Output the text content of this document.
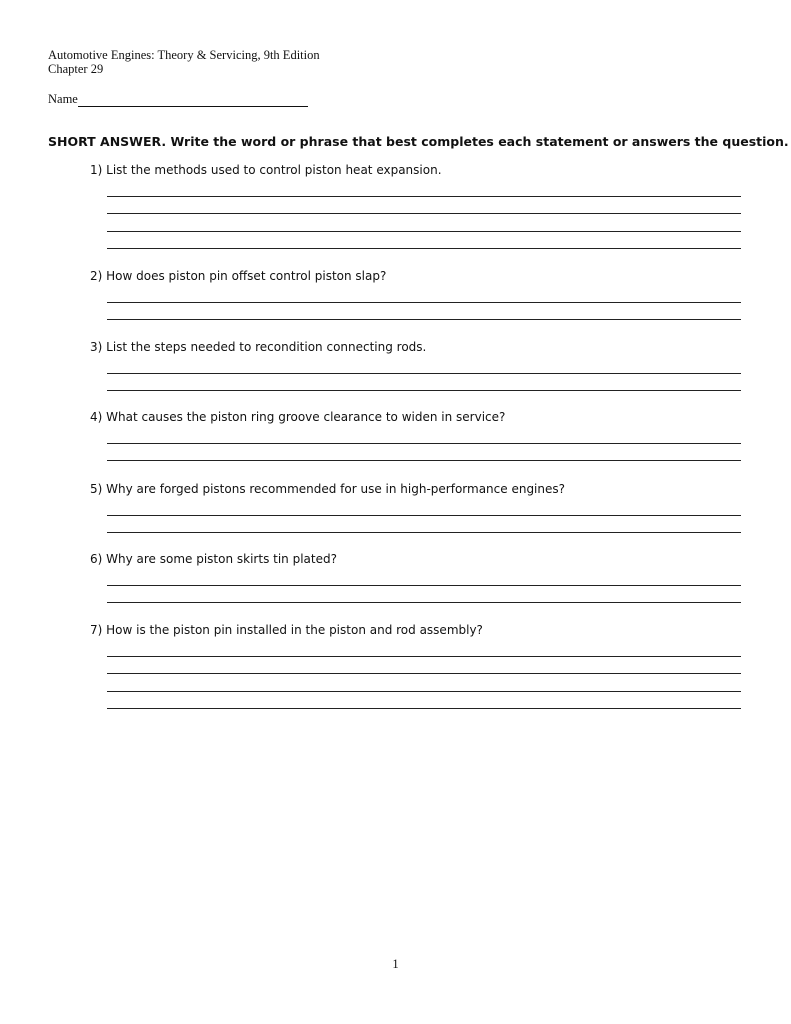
Automotive Engines: Theory & Servicing, 9th Edition
Chapter 29
Name
SHORT ANSWER. Write the word or phrase that best completes each statement or answers the question.
1) List the methods used to control piston heat expansion.
2) How does piston pin offset control piston slap?
3) List the steps needed to recondition connecting rods.
4) What causes the piston ring groove clearance to widen in service?
5) Why are forged pistons recommended for use in high-performance engines?
6) Why are some piston skirts tin plated?
7) How is the piston pin installed in the piston and rod assembly?
1
